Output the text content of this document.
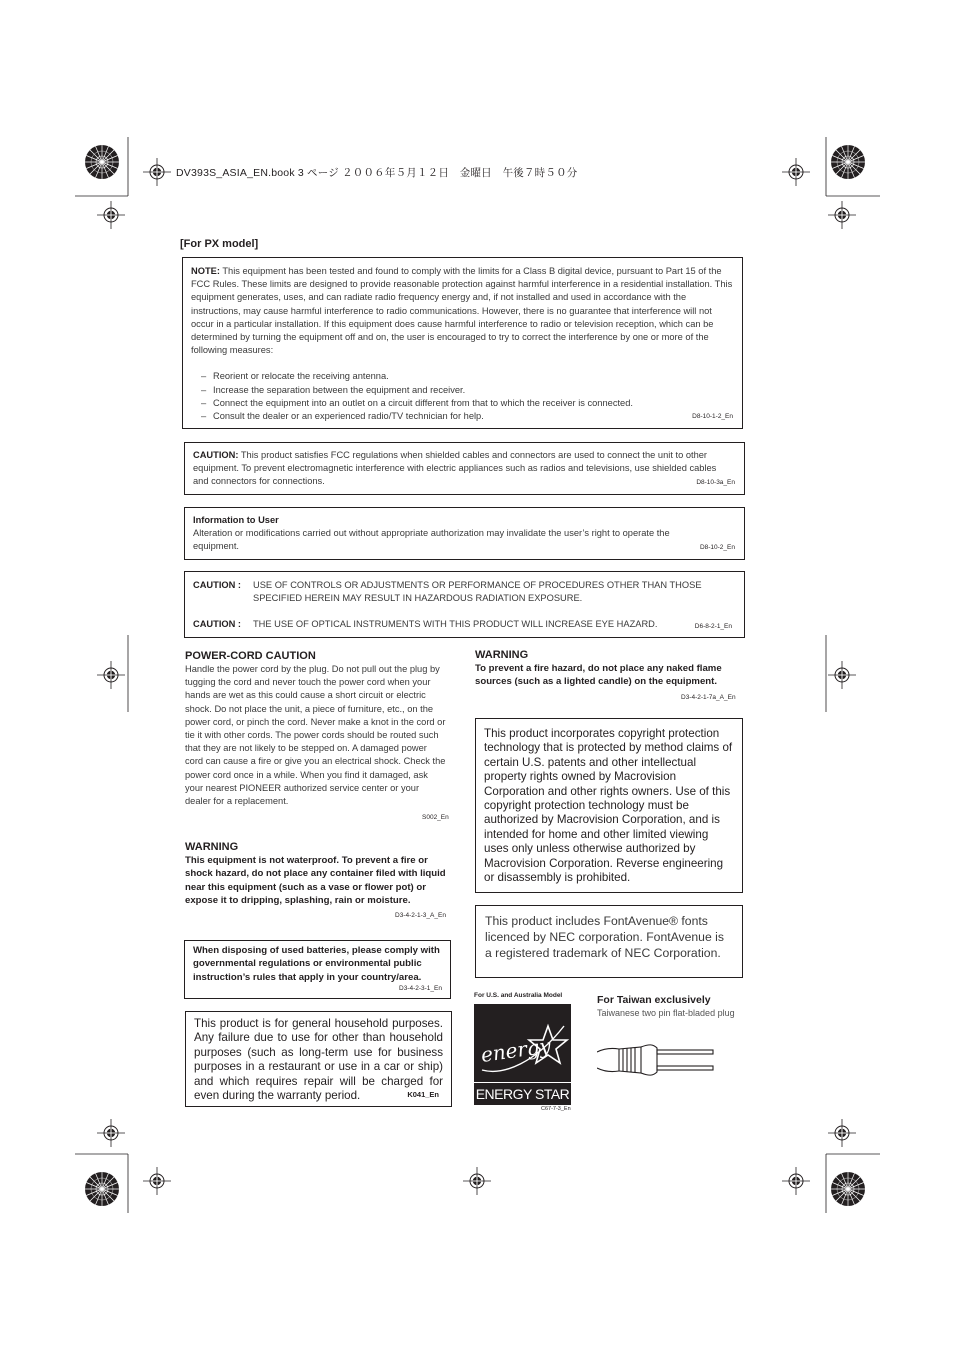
DV393S_ASIA_EN.book 3 ページ ２００６年５月１２日　金曜日　午後７時５０分
[For PX model]
NOTE: This equipment has been tested and found to comply with the limits for a Class B digital device, pursuant to Part 15 of the FCC Rules. These limits are designed to provide reasonable protection against harmful interference in a residential installation. This equipment generates, uses, and can radiate radio frequency energy and, if not installed and used in accordance with the instructions, may cause harmful interference to radio communications. However, there is no guarantee that interference will not occur in a particular installation. If this equipment does cause harmful interference to radio or television reception, which can be determined by turning the equipment off and on, the user is encouraged to try to correct the interference by one or more of the following measures:
– Reorient or relocate the receiving antenna.
– Increase the separation between the equipment and receiver.
– Connect the equipment into an outlet on a circuit different from that to which the receiver is connected.
– Consult the dealer or an experienced radio/TV technician for help.	D8-10-1-2_En
CAUTION: This product satisfies FCC regulations when shielded cables and connectors are used to connect the unit to other equipment. To prevent electromagnetic interference with electric appliances such as radios and televisions, use shielded cables and connectors for connections.	D8-10-3a_En
Information to User
Alteration or modifications carried out without appropriate authorization may invalidate the user’s right to operate the equipment.	D8-10-2_En
CAUTION : USE OF CONTROLS OR ADJUSTMENTS OR PERFORMANCE OF PROCEDURES OTHER THAN THOSE SPECIFIED HEREIN MAY RESULT IN HAZARDOUS RADIATION EXPOSURE.
CAUTION : THE USE OF OPTICAL INSTRUMENTS WITH THIS PRODUCT WILL INCREASE EYE HAZARD.	D6-8-2-1_En
POWER-CORD CAUTION
Handle the power cord by the plug. Do not pull out the plug by tugging the cord and never touch the power cord when your hands are wet as this could cause a short circuit or electric shock. Do not place the unit, a piece of furniture, etc., on the power cord, or pinch the cord. Never make a knot in the cord or tie it with other cords. The power cords should be routed such that they are not likely to be stepped on. A damaged power cord can cause a fire or give you an electrical shock. Check the power cord once in a while. When you find it damaged, ask your nearest PIONEER authorized service center or your dealer for a replacement.
S002_En
WARNING
This equipment is not waterproof. To prevent a fire or shock hazard, do not place any container filed with liquid near this equipment (such as a vase or flower pot) or expose it to dripping, splashing, rain or moisture.
D3-4-2-1-3_A_En
When disposing of used batteries, please comply with governmental regulations or environmental public instruction’s rules that apply in your country/area.
D3-4-2-3-1_En
This product is for general household purposes. Any failure due to use for other than household purposes (such as long-term use for business purposes in a restaurant or use in a car or ship) and which requires repair will be charged for even during the warranty period.	K041_En
WARNING
To prevent a fire hazard, do not place any naked flame sources (such as a lighted candle) on the equipment.
D3-4-2-1-7a_A_En
This product incorporates copyright protection technology that is protected by method claims of certain U.S. patents and other intellectual property rights owned by Macrovision Corporation and other rights owners. Use of this copyright protection technology must be authorized by Macrovision Corporation, and is intended for home and other limited viewing uses only unless otherwise authorized by Macrovision Corporation. Reverse engineering or disassembly is prohibited.
This product includes FontAvenue® fonts licenced by NEC corporation. FontAvenue is a registered trademark of NEC Corporation.
For U.S. and Australia Model
energy
ENERGY STAR
C67-7-3_En
For Taiwan exclusively
Taiwanese two pin flat-bladed plug
